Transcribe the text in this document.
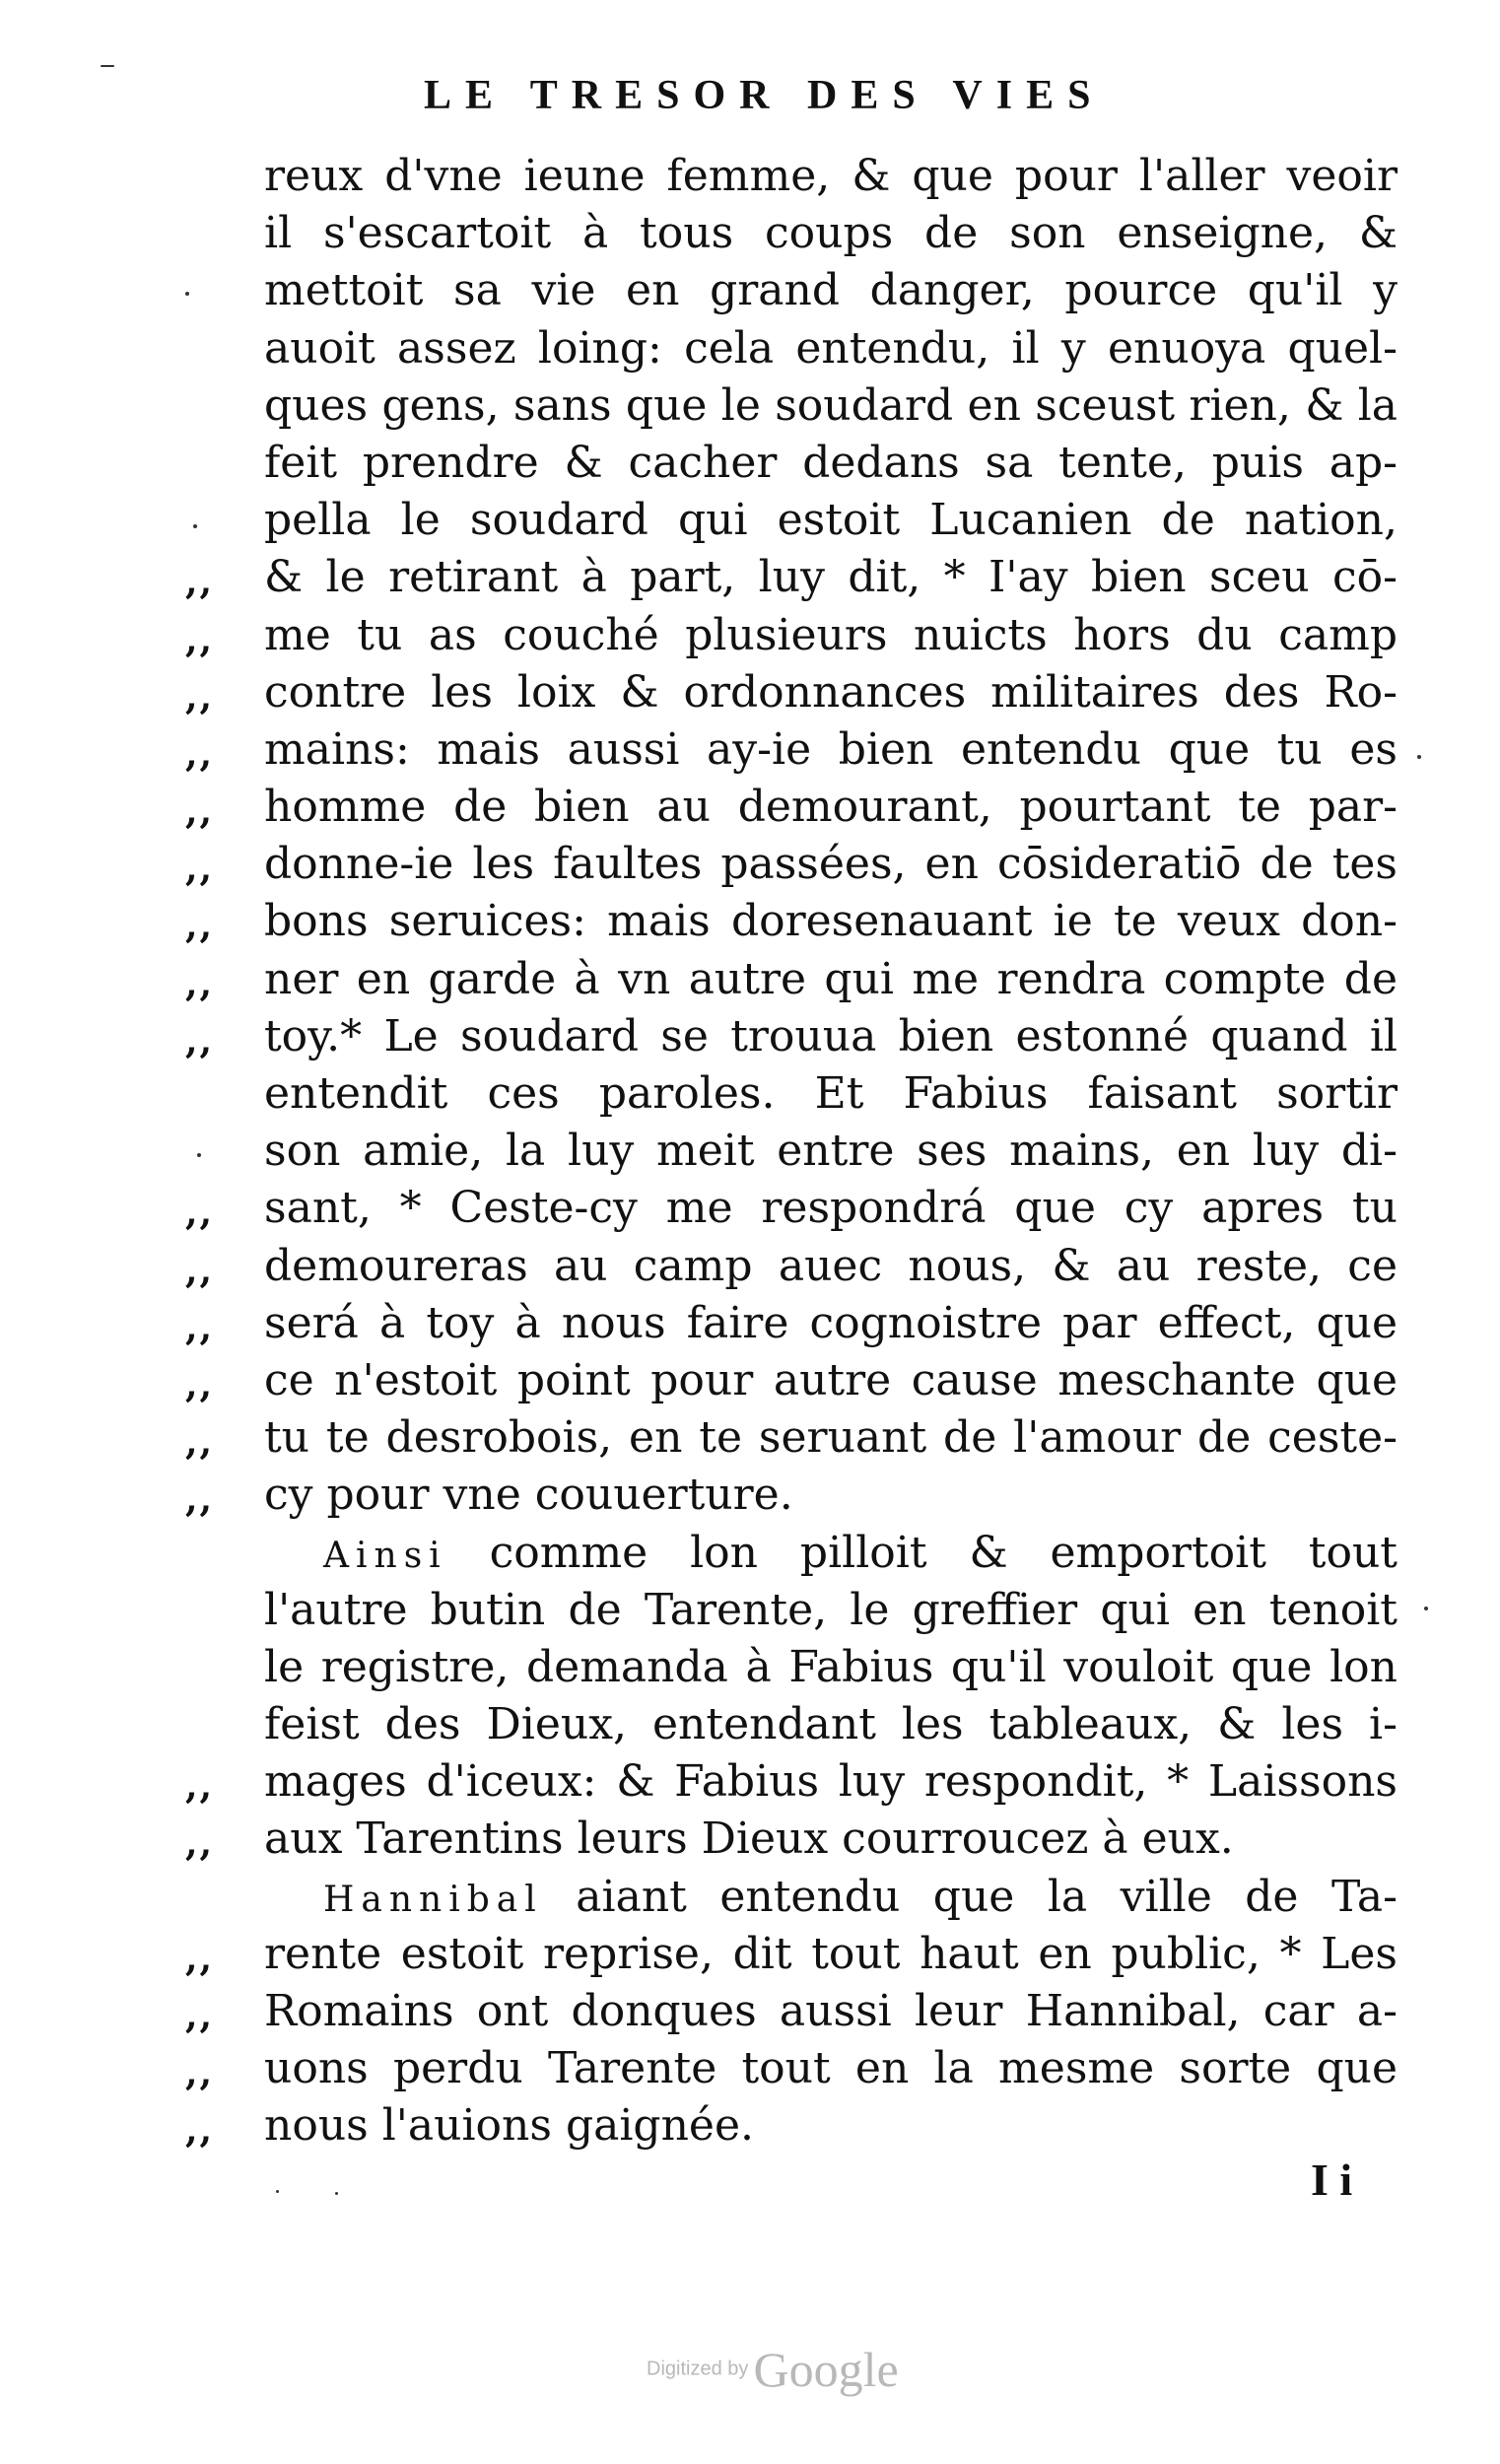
LE TRESOR DES VIES
reux d'vne ieune femme, & que pour l'aller veoir
il s'escartoit à tous coups de son enseigne, &
mettoit sa vie en grand danger, pource qu'il y
auoit assez loing: cela entendu, il y enuoya quel-
ques gens, sans que le soudard en sceust rien, & la
feit prendre & cacher dedans sa tente, puis ap-
pella le soudard qui estoit Lucanien de nation,
,, & le retirant à part, luy dit, * I'ay bien sceu cō-
,, me tu as couché plusieurs nuicts hors du camp
,, contre les loix & ordonnances militaires des Ro-
,, mains: mais aussi ay-ie bien entendu que tu es
,, homme de bien au demourant, pourtant te par-
,, donne-ie les faultes passées, en cōsideratiō de tes
,, bons seruices: mais doresenauant ie te veux don-
,, ner en garde à vn autre qui me rendra compte de
,, toy.* Le soudard se trouua bien estonné quand il
entendit ces paroles. Et Fabius faisant sortir
son amie, la luy meit entre ses mains, en luy di-
,, sant, * Ceste-cy me respondrá que cy apres tu
,, demoureras au camp auec nous, & au reste, ce
,, será à toy à nous faire cognoistre par effect, que
,, ce n'estoit point pour autre cause meschante que
,, tu te desrobois, en te seruant de l'amour de ceste-
,, cy pour vne couuerture.
Ainsi comme lon pilloit & emportoit tout
l'autre butin de Tarente, le greffier qui en tenoit
le registre, demanda à Fabius qu'il vouloit que lon
feist des Dieux, entendant les tableaux, & les i-
,, mages d'iceux: & Fabius luy respondit, * Laissons
,, aux Tarentins leurs Dieux courroucez à eux.
Hannibal aiant entendu que la ville de Ta-
,, rente estoit reprise, dit tout haut en public, * Les
,, Romains ont donques aussi leur Hannibal, car a-
,, uons perdu Tarente tout en la mesme sorte que
,, nous l'auions gaignée.
I i
Digitized by Google
